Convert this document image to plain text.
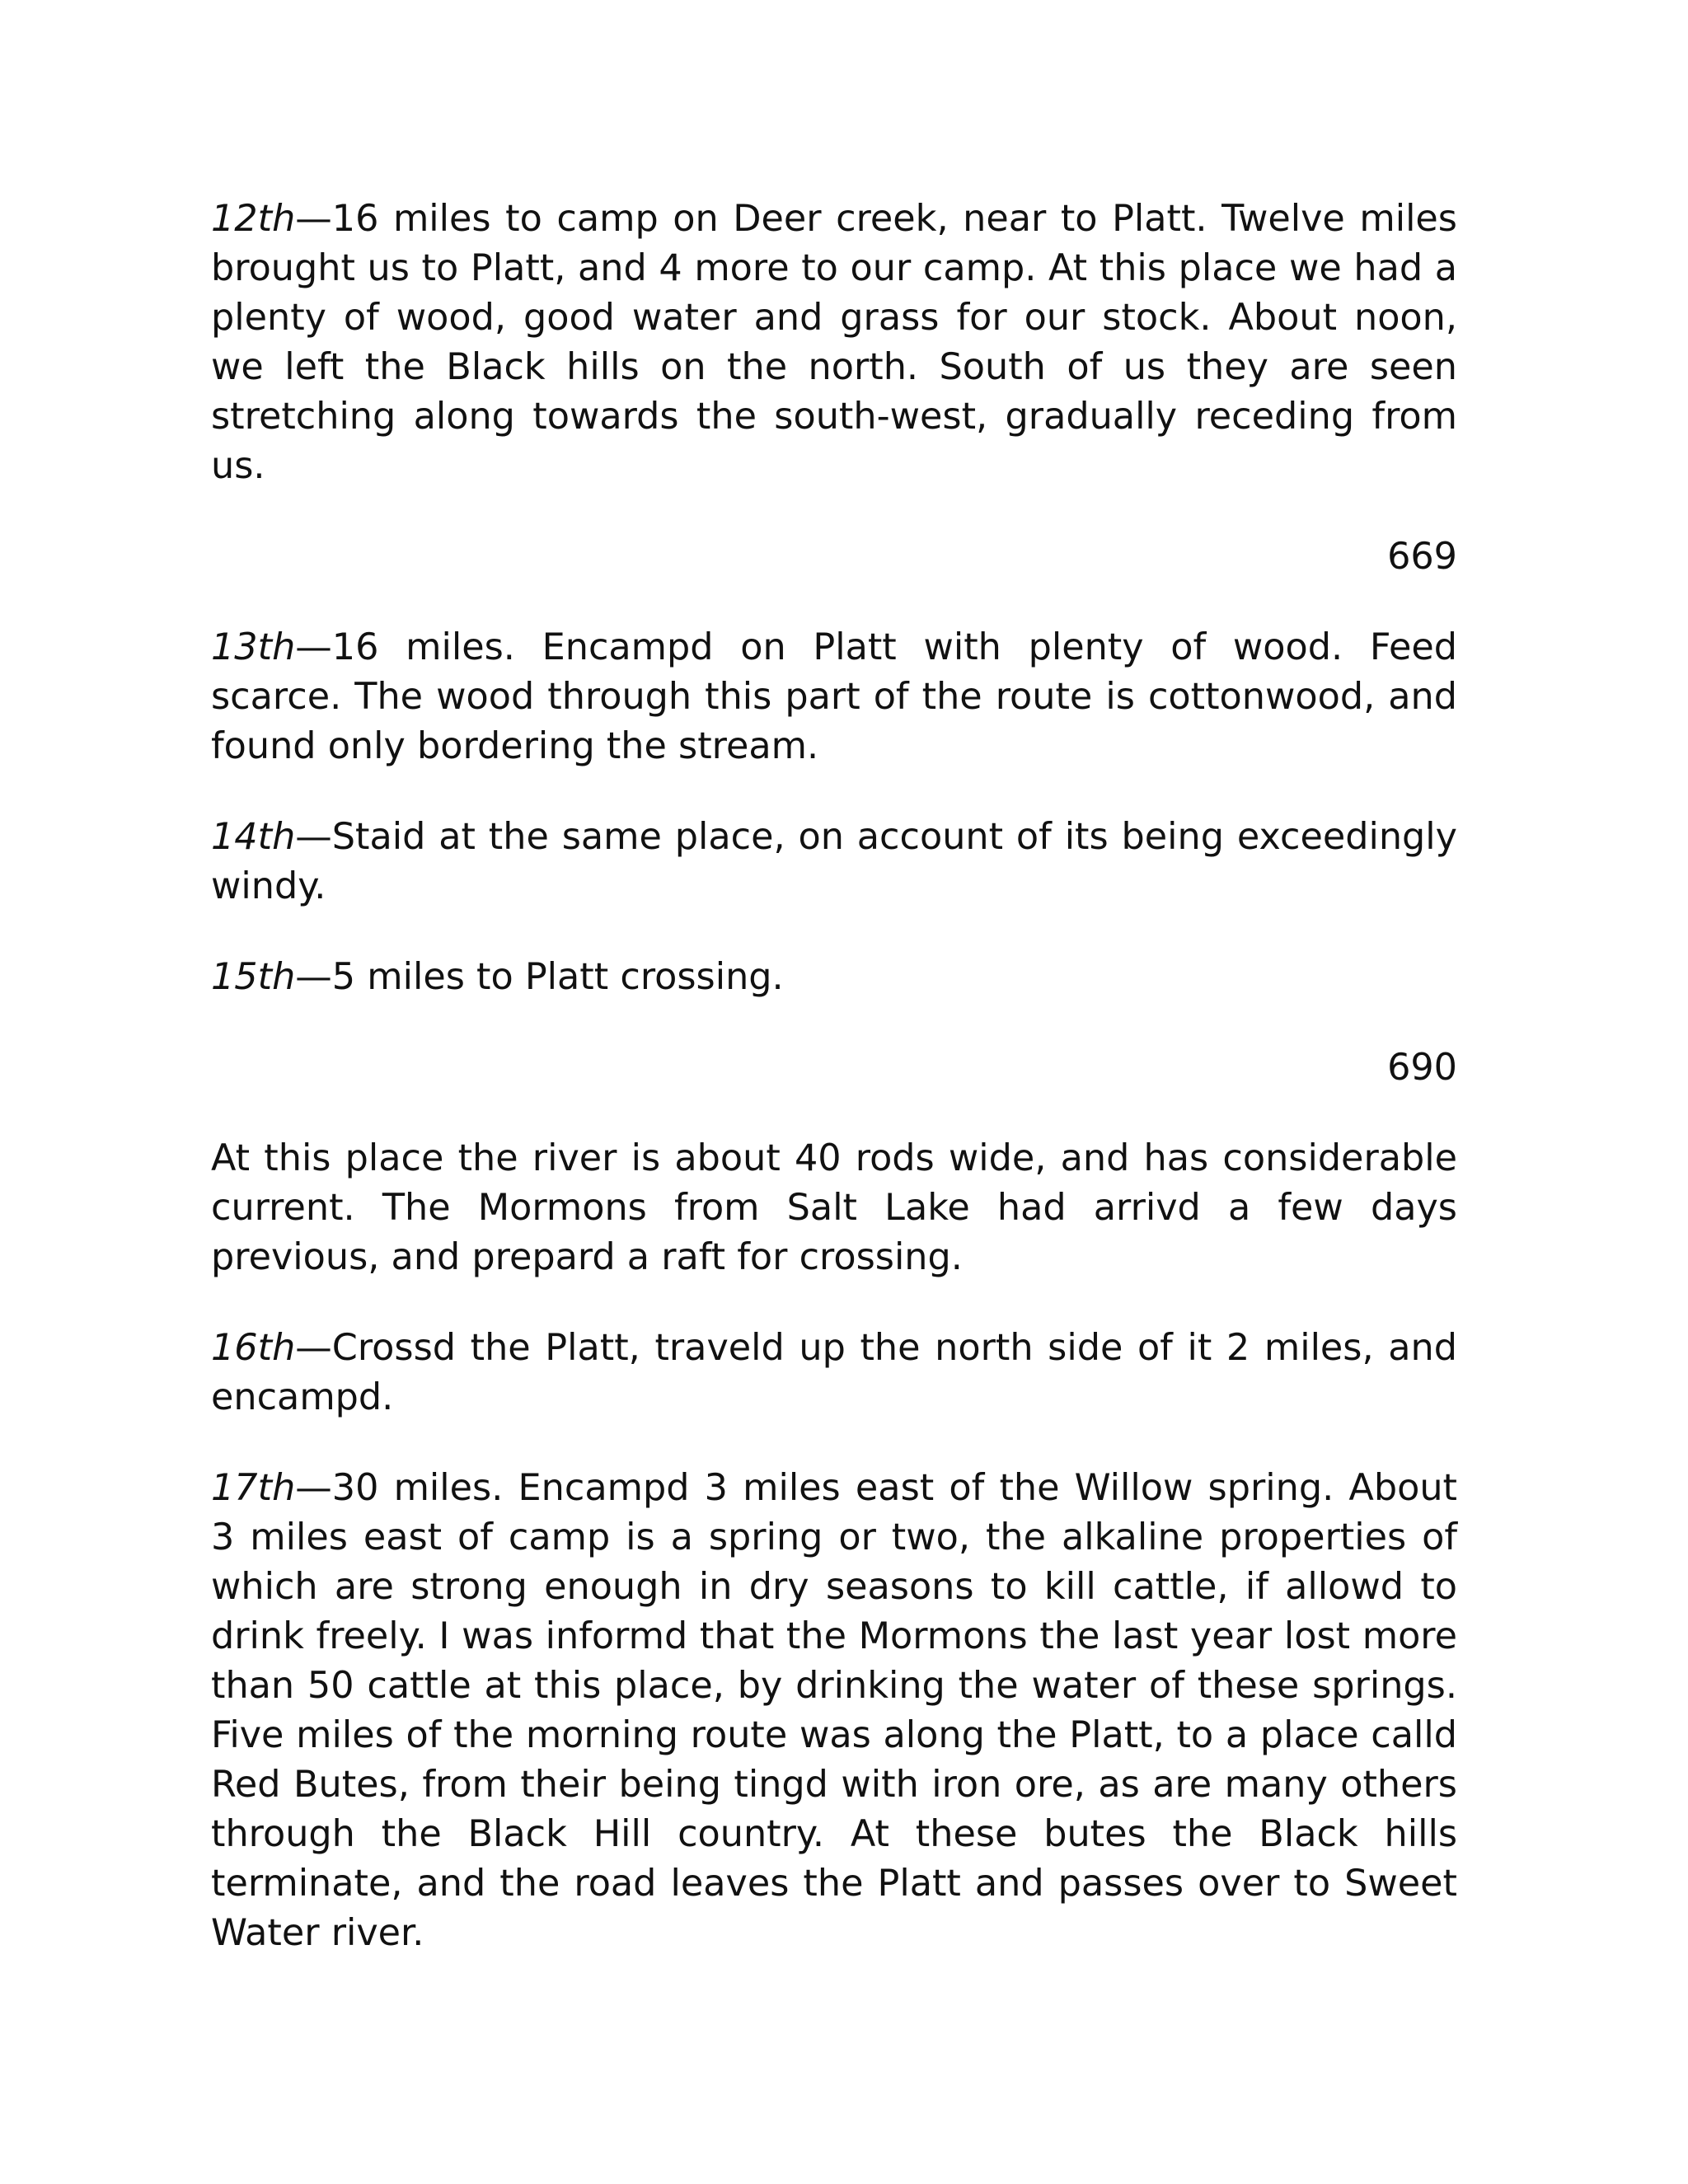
12th—16 miles to camp on Deer creek, near to Platt. Twelve miles brought us to Platt, and 4 more to our camp. At this place we had a plenty of wood, good water and grass for our stock. About noon, we left the Black hills on the north. South of us they are seen stretching along towards the south-west, gradually receding from us.

669

13th—16 miles. Encampd on Platt with plenty of wood. Feed scarce. The wood through this part of the route is cottonwood, and found only bordering the stream.

14th—Staid at the same place, on account of its being exceedingly windy.

15th—5 miles to Platt crossing.

690

At this place the river is about 40 rods wide, and has considerable current. The Mormons from Salt Lake had arrivd a few days previous, and prepard a raft for crossing.

16th—Crossd the Platt, traveld up the north side of it 2 miles, and encampd.

17th—30 miles. Encampd 3 miles east of the Willow spring. About 3 miles east of camp is a spring or two, the alkaline properties of which are strong enough in dry seasons to kill cattle, if allowd to drink freely. I was informd that the Mormons the last year lost more than 50 cattle at this place, by drinking the water of these springs. Five miles of the morning route was along the Platt, to a place calld Red Butes, from their being tingd with iron ore, as are many others through the Black Hill country. At these butes the Black hills terminate, and the road leaves the Platt and passes over to Sweet Water river.
